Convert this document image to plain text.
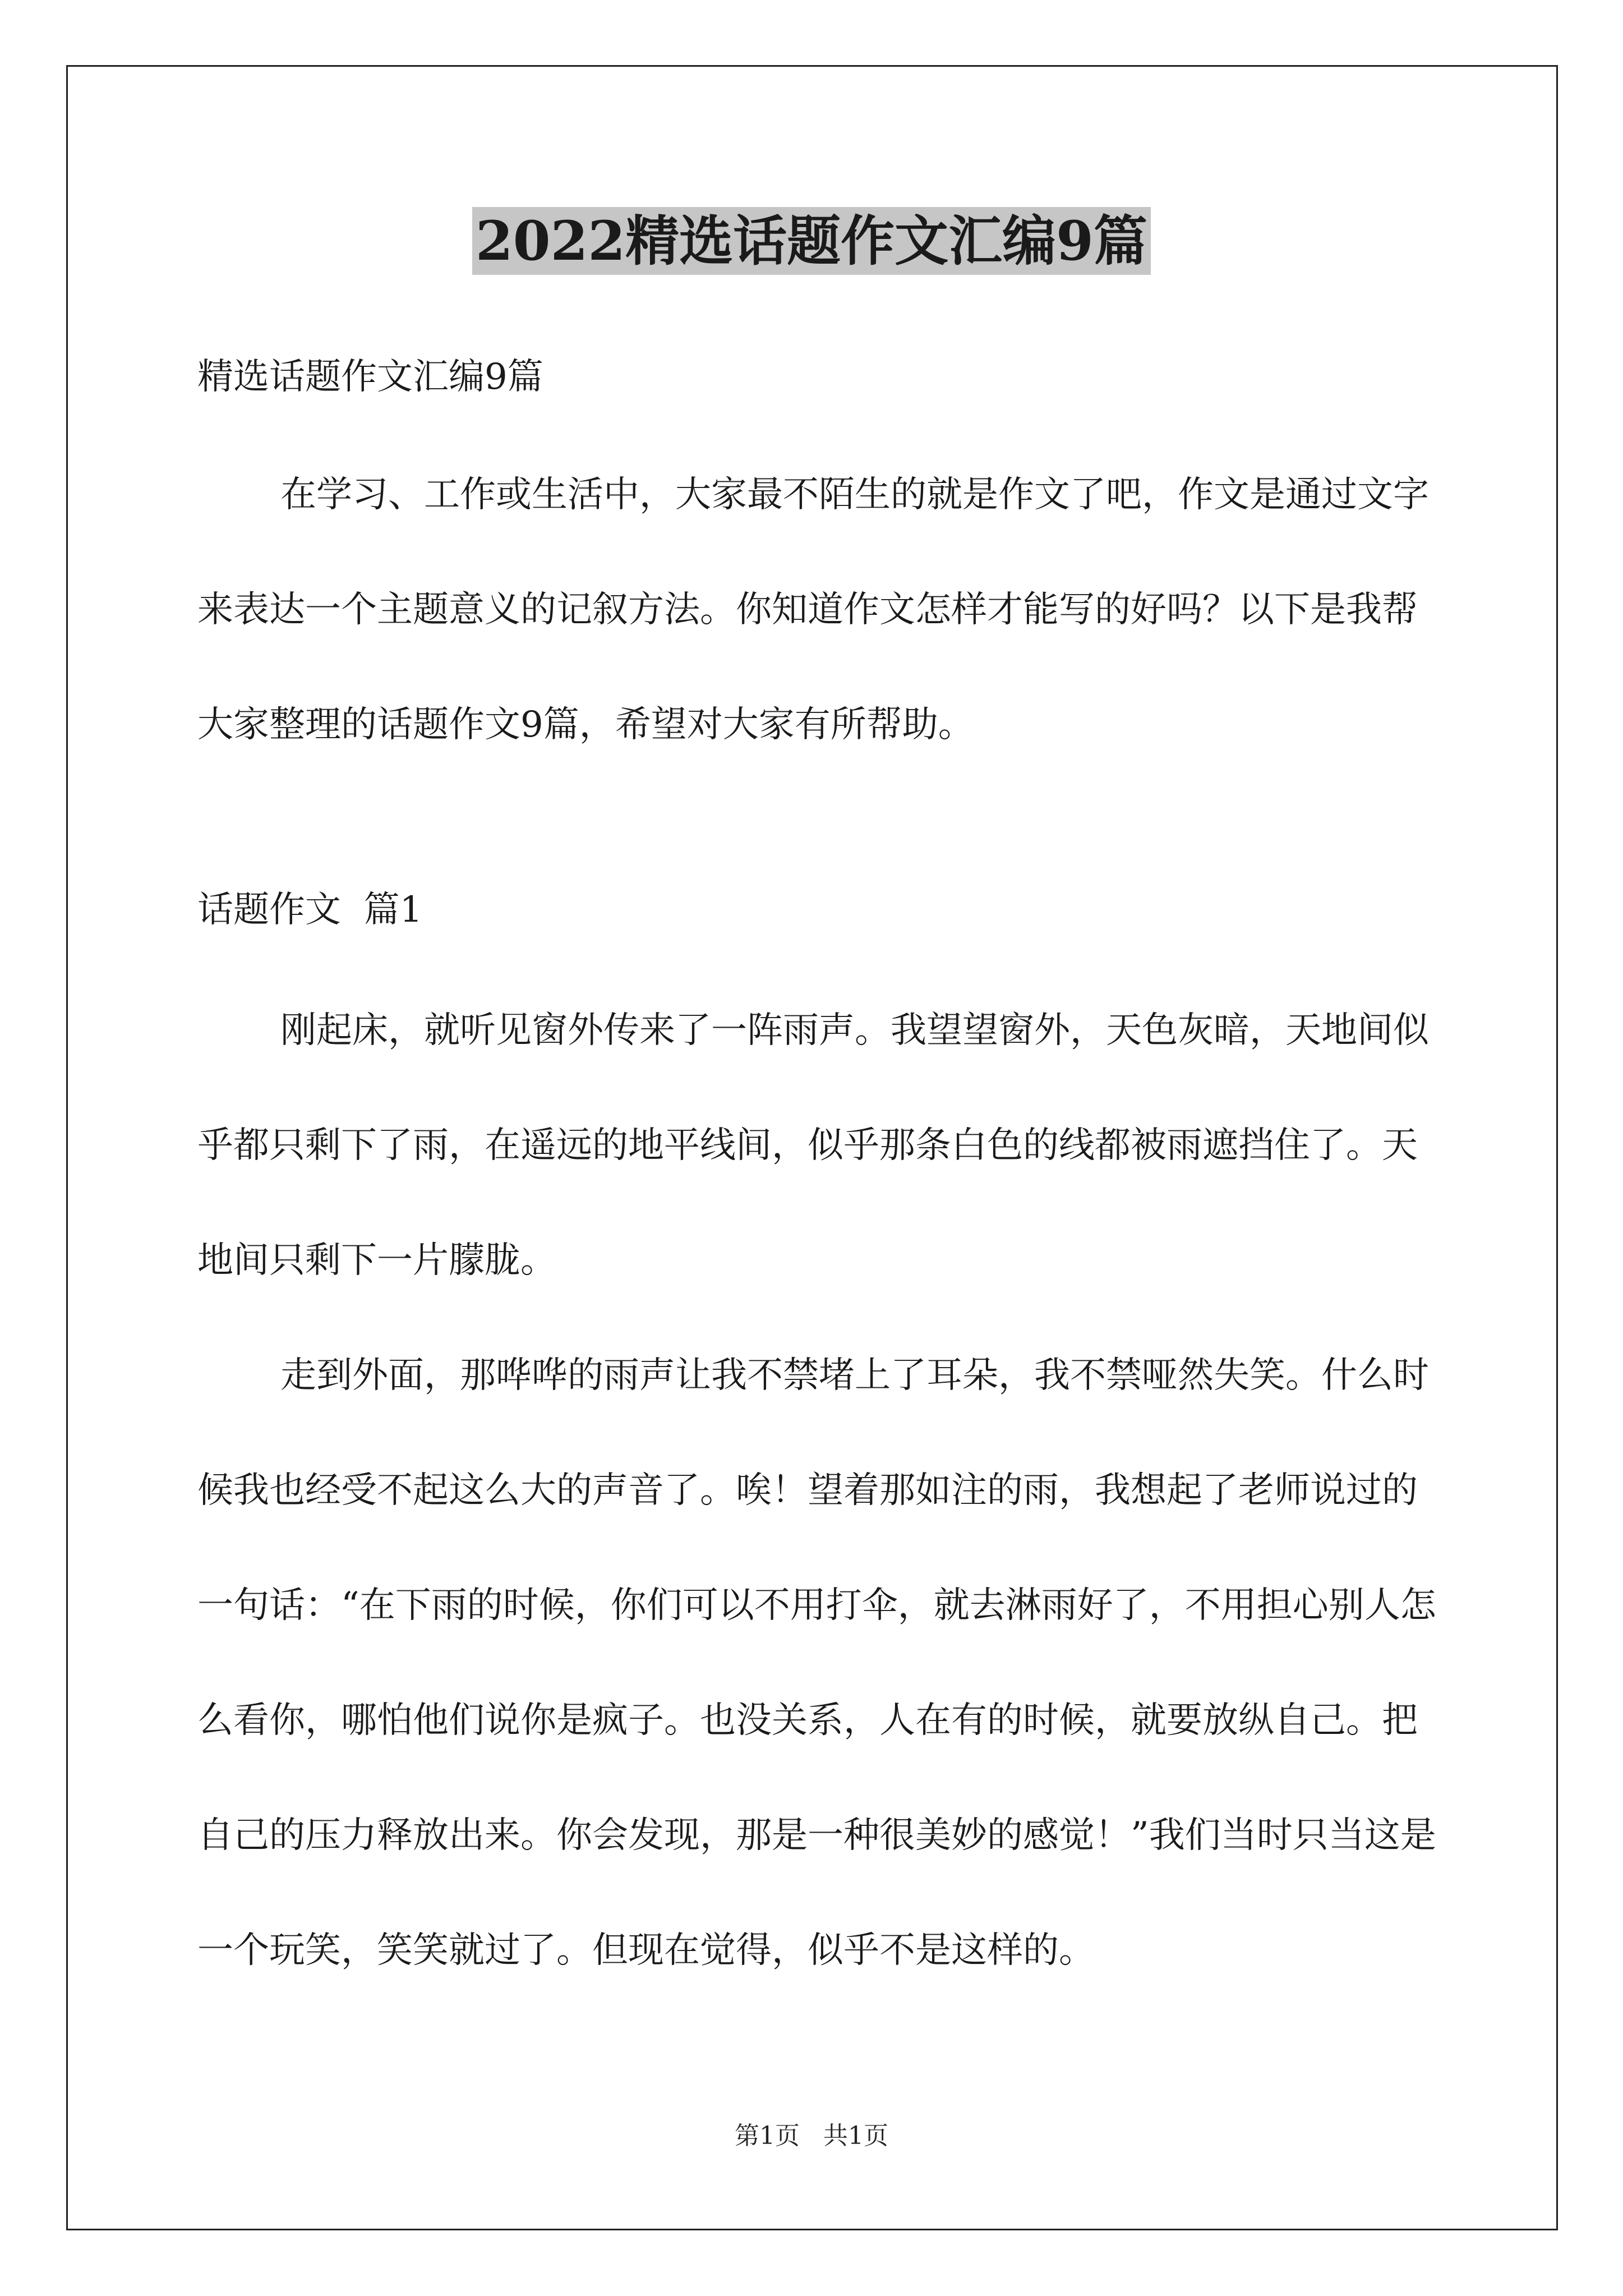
2022精选话题作文汇编9篇
精选话题作文汇编9篇

在学习、工作或生活中，大家最不陌生的就是作文了吧，作文是通过文字来表达一个主题意义的记叙方法。你知道作文怎样才能写的好吗？以下是我帮大家整理的话题作文9篇，希望对大家有所帮助。

话题作文  篇1

刚起床，就听见窗外传来了一阵雨声。我望望窗外，天色灰暗，天地间似乎都只剩下了雨，在遥远的地平线间，似乎那条白色的线都被雨遮挡住了。天地间只剩下一片朦胧。

走到外面，那哗哗的雨声让我不禁堵上了耳朵，我不禁哑然失笑。什么时候我也经受不起这么大的声音了。唉！望着那如注的雨，我想起了老师说过的一句话：“在下雨的时候，你们可以不用打伞，就去淋雨好了，不用担心别人怎么看你，哪怕他们说你是疯子。也没关系，人在有的时候，就要放纵自己。把自己的压力释放出来。你会发现，那是一种很美妙的感觉！”我们当时只当这是一个玩笑，笑笑就过了。但现在觉得，似乎不是这样的。

第1页   共1页
